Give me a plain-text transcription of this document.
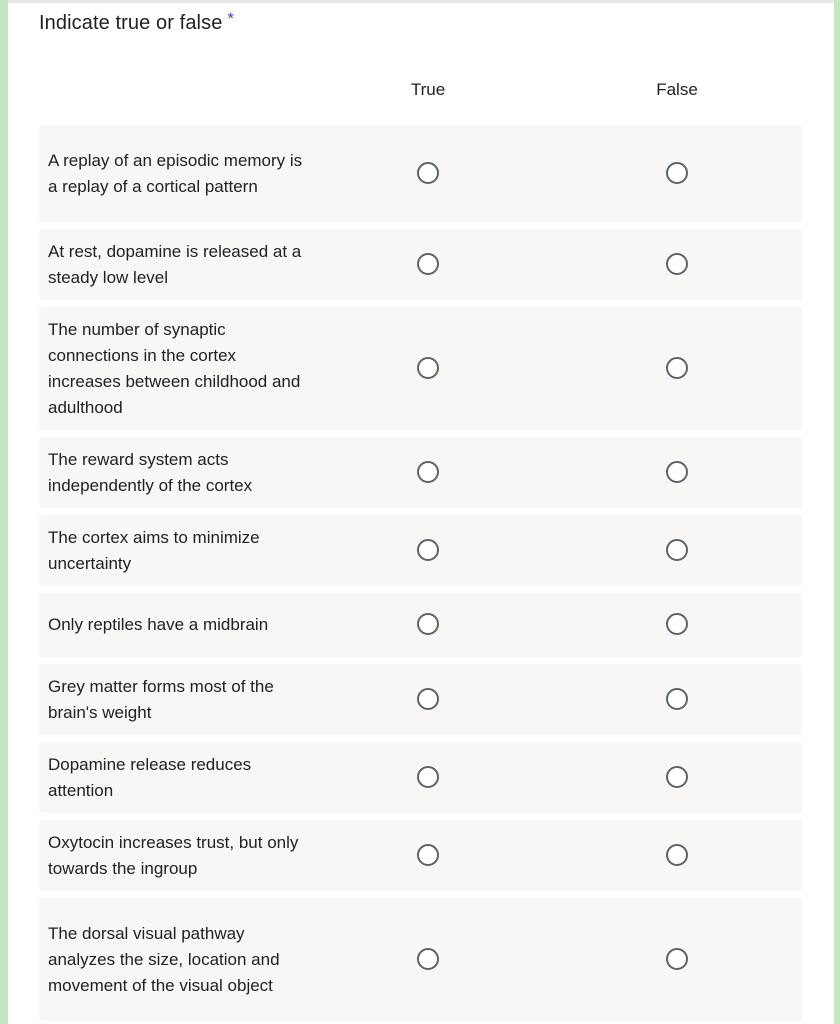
Indicate true or false *
True	False
A replay of an episodic memory is a replay of a cortical pattern
At rest, dopamine is released at a steady low level
The number of synaptic connections in the cortex increases between childhood and adulthood
The reward system acts independently of the cortex
The cortex aims to minimize uncertainty
Only reptiles have a midbrain
Grey matter forms most of the brain's weight
Dopamine release reduces attention
Oxytocin increases trust, but only towards the ingroup
The dorsal visual pathway analyzes the size, location and movement of the visual object
